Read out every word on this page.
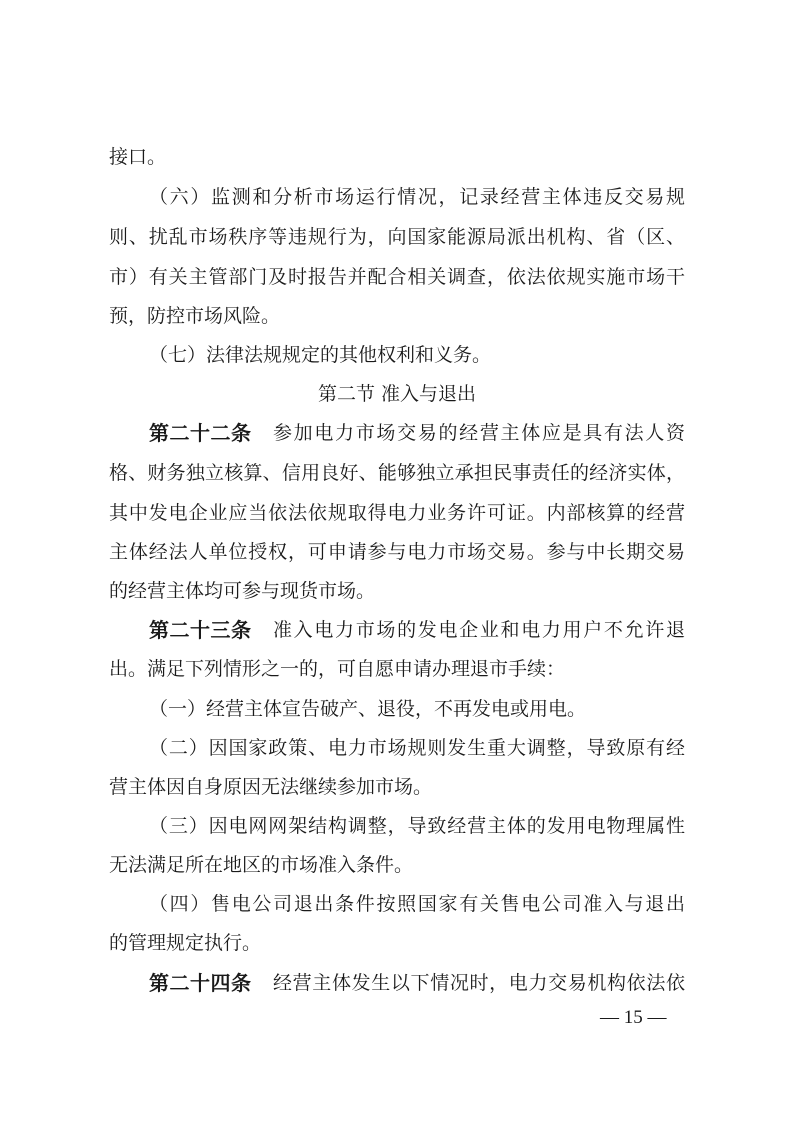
接口。
（六）监测和分析市场运行情况，记录经营主体违反交易规
则、扰乱市场秩序等违规行为，向国家能源局派出机构、省（区、
市）有关主管部门及时报告并配合相关调查，依法依规实施市场干
预，防控市场风险。
（七）法律法规规定的其他权利和义务。
第二节 准入与退出
第二十二条	参加电力市场交易的经营主体应是具有法人资
格、财务独立核算、信用良好、能够独立承担民事责任的经济实体，
其中发电企业应当依法依规取得电力业务许可证。内部核算的经营
主体经法人单位授权，可申请参与电力市场交易。参与中长期交易
的经营主体均可参与现货市场。
第二十三条	准入电力市场的发电企业和电力用户不允许退
出。满足下列情形之一的，可自愿申请办理退市手续：
（一）经营主体宣告破产、退役，不再发电或用电。
（二）因国家政策、电力市场规则发生重大调整，导致原有经
营主体因自身原因无法继续参加市场。
（三）因电网网架结构调整，导致经营主体的发用电物理属性
无法满足所在地区的市场准入条件。
（四）售电公司退出条件按照国家有关售电公司准入与退出
的管理规定执行。
第二十四条	经营主体发生以下情况时，电力交易机构依法依
— 15 —
